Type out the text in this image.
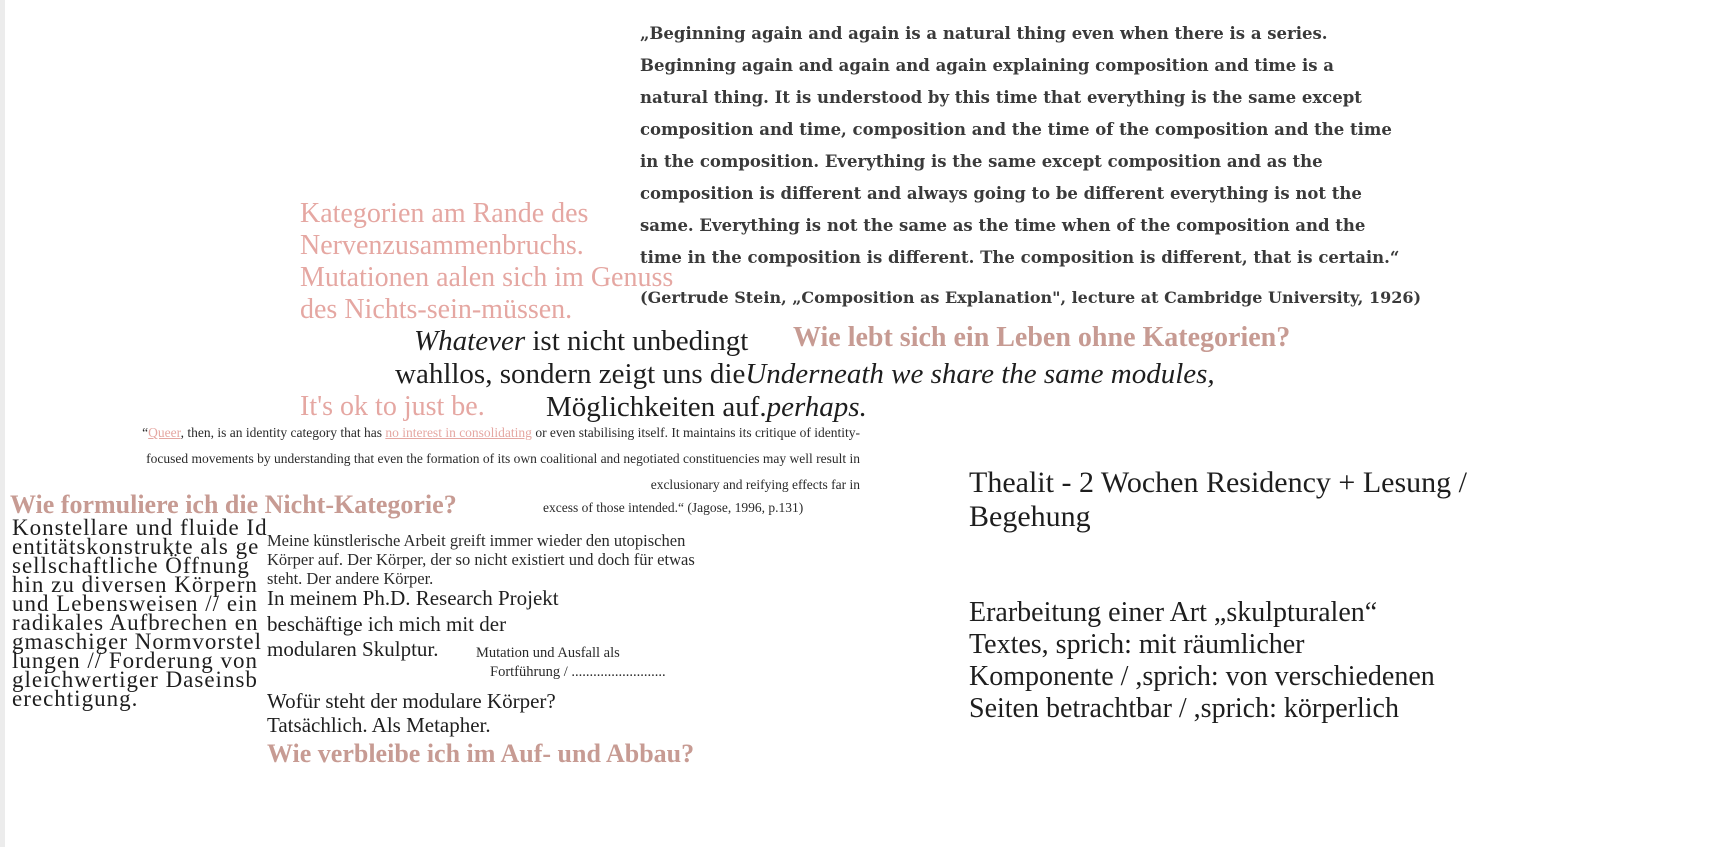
„Beginning again and again is a natural thing even when there is a series. Beginning again and again and again explaining composition and time is a natural thing. It is understood by this time that everything is the same except composition and time, composition and the time of the composition and the time in the composition. Everything is the same except composition and as the composition is different and always going to be different everything is not the same. Everything is not the same as the time when of the composition and the time in the composition is different. The composition is different, that is certain.“
(Gertrude Stein, „Composition as Explanation", lecture at Cambridge University, 1926)
Kategorien am Rande des
Nervenzusammenbruchs.
Mutationen aalen sich im Genuss
des Nichts-sein-müssen.
Wie lebt sich ein Leben ohne Kategorien?
Whatever ist nicht unbedingt
wahllos, sondern zeigt uns dieUnderneath we share the same modules,
Möglichkeiten auf.perhaps.
It's ok to just be.
“Queer, then, is an identity category that has no interest in consolidating or even stabilising itself. It maintains its critique of identity-focused movements by understanding that even the formation of its own coalitional and negotiated constituencies may well result in exclusionary and reifying effects far in
Wie formuliere ich die Nicht-Kategorie?	excess of those intended.“ (Jagose, 1996, p.131)
Konstellare und fluide Identitätskonstrukte als gesellschaftliche Öffnung hin zu diversen Körpern und Lebensweisen // ein radikales Aufbrechen engmaschiger Normvorstellungen // Forderung von gleichwertiger Daseinsberechtigung.
Meine künstlerische Arbeit greift immer wieder den utopischen
Körper auf. Der Körper, der so nicht existiert und doch für etwas
steht. Der andere Körper.
In meinem Ph.D. Research Projekt
beschäftige ich mich mit der
modularen Skulptur.	Mutation und Ausfall als
Fortführung / ..........................
Wofür steht der modulare Körper?
Tatsächlich. Als Metapher.
Wie verbleibe ich im Auf- und Abbau?
Thealit - 2 Wochen Residency + Lesung /
Begehung
Erarbeitung einer Art „skulpturalen“
Textes, sprich: mit räumlicher
Komponente / ,sprich: von verschiedenen
Seiten betrachtbar / ,sprich: körperlich
